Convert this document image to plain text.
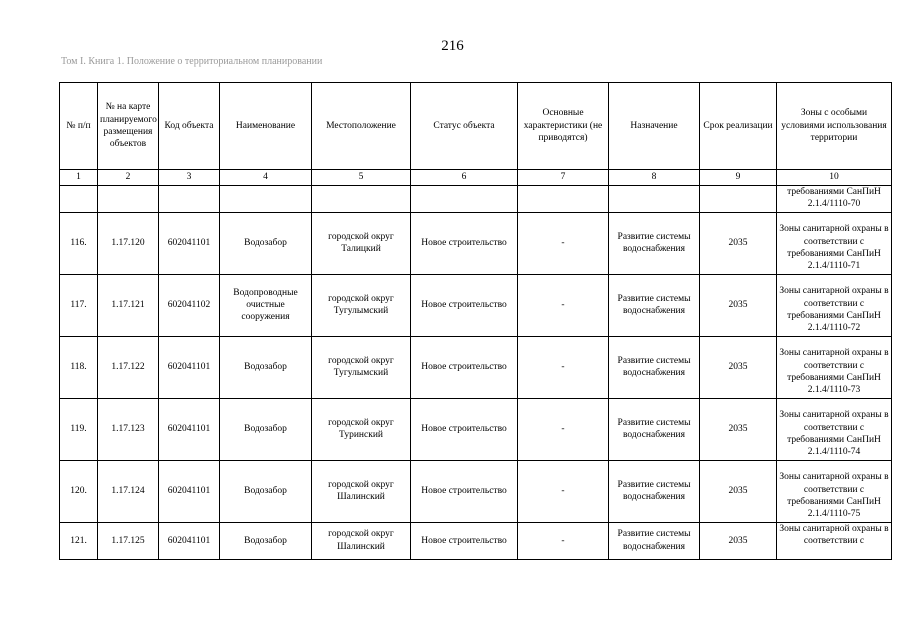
216
Том I. Книга 1. Положение о территориальном планировании
№ п/п	№ на карте планируемого размещения объектов	Код объекта	Наименование	Местоположение	Статус объекта	Основные характеристики (не приводятся)	Назначение	Срок реализации	Зоны с особыми условиями использования территории
1	2	3	4	5	6	7	8	9	10
									требованиями СанПиН 2.1.4/1110-70
116.	1.17.120	602041101	Водозабор	городской округ Талицкий	Новое строительство	-	Развитие системы водоснабжения	2035	Зоны санитарной охраны в соответствии с требованиями СанПиН 2.1.4/1110-71
117.	1.17.121	602041102	Водопроводные очистные сооружения	городской округ Тугулымский	Новое строительство	-	Развитие системы водоснабжения	2035	Зоны санитарной охраны в соответствии с требованиями СанПиН 2.1.4/1110-72
118.	1.17.122	602041101	Водозабор	городской округ Тугулымский	Новое строительство	-	Развитие системы водоснабжения	2035	Зоны санитарной охраны в соответствии с требованиями СанПиН 2.1.4/1110-73
119.	1.17.123	602041101	Водозабор	городской округ Туринский	Новое строительство	-	Развитие системы водоснабжения	2035	Зоны санитарной охраны в соответствии с требованиями СанПиН 2.1.4/1110-74
120.	1.17.124	602041101	Водозабор	городской округ Шалинский	Новое строительство	-	Развитие системы водоснабжения	2035	Зоны санитарной охраны в соответствии с требованиями СанПиН 2.1.4/1110-75
121.	1.17.125	602041101	Водозабор	городской округ Шалинский	Новое строительство	-	Развитие системы водоснабжения	2035	Зоны санитарной охраны в соответствии с
